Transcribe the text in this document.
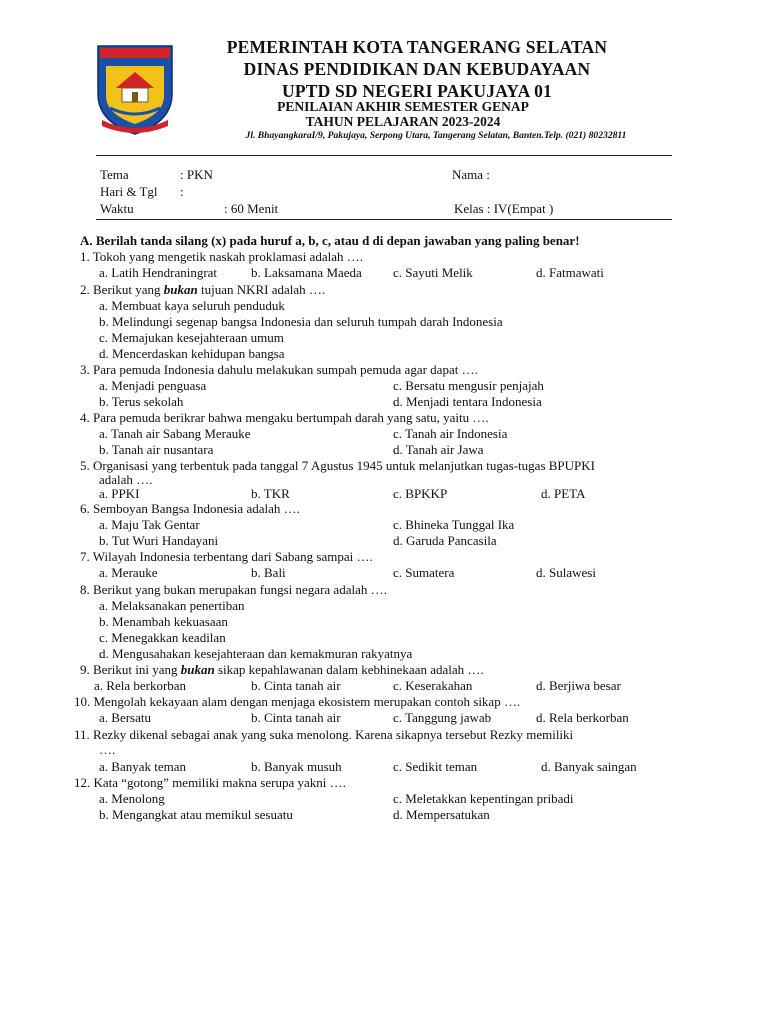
PEMERINTAH KOTA TANGERANG SELATAN
DINAS PENDIDIKAN DAN KEBUDAYAAN
UPTD SD NEGERI PAKUJAYA 01
PENILAIAN AKHIR SEMESTER GENAP
TAHUN PELAJARAN 2023-2024
Jl. BhayangkaraI/9, Pakujaya, Serpong Utara, Tangerang Selatan, Banten.Telp. (021) 80232811
Tema	: PKN	Nama :
Hari & Tgl :
Waktu	: 60 Menit	Kelas : IV(Empat )
A. Berilah tanda silang (x) pada huruf a, b, c, atau d di depan jawaban yang paling benar!
1. Tokoh yang mengetik naskah proklamasi adalah ….
a. Latih Hendraningrat	b. Laksamana Maeda c. Sayuti Melik	d. Fatmawati
2. Berikut yang bukan tujuan NKRI adalah ….
a. Membuat kaya seluruh penduduk
b. Melindungi segenap bangsa Indonesia dan seluruh tumpah darah Indonesia
c. Memajukan kesejahteraan umum
d. Mencerdaskan kehidupan bangsa
3. Para pemuda Indonesia dahulu melakukan sumpah pemuda agar dapat ….
a. Menjadi penguasa	c. Bersatu mengusir penjajah
b. Terus sekolah	d. Menjadi tentara Indonesia
4. Para pemuda berikrar bahwa mengaku bertumpah darah yang satu, yaitu ….
a. Tanah air Sabang Merauke	c. Tanah air Indonesia
b. Tanah air nusantara	d. Tanah air Jawa
5. Organisasi yang terbentuk pada tanggal 7 Agustus 1945 untuk melanjutkan tugas-tugas BPUPKI
adalah ….
a. PPKI	b. TKR	c. BPKKP	d. PETA
6. Semboyan Bangsa Indonesia adalah ….
a. Maju Tak Gentar	c. Bhineka Tunggal Ika
b. Tut Wuri Handayani	d. Garuda Pancasila
7. Wilayah Indonesia terbentang dari Sabang sampai ….
a. Merauke	b. Bali	c. Sumatera	d. Sulawesi
8. Berikut yang bukan merupakan fungsi negara adalah ….
a. Melaksanakan penertiban
b. Menambah kekuasaan
c. Menegakkan keadilan
d. Mengusahakan kesejahteraan dan kemakmuran rakyatnya
9. Berikut ini yang bukan sikap kepahlawanan dalam kebhinekaan adalah ….
a. Rela berkorban	b. Cinta tanah air	c. Keserakahan	d. Berjiwa besar
10. Mengolah kekayaan alam dengan menjaga ekosistem merupakan contoh sikap ….
a. Bersatu	b. Cinta tanah air	c. Tanggung jawab	d. Rela berkorban
11. Rezky dikenal sebagai anak yang suka menolong. Karena sikapnya tersebut Rezky memiliki
….
a. Banyak teman	b. Banyak musuh	c. Sedikit teman	d. Banyak saingan
12. Kata “gotong” memiliki makna serupa yakni ….
a. Menolong	c. Meletakkan kepentingan pribadi
b. Mengangkat atau memikul sesuatu	d. Mempersatukan
